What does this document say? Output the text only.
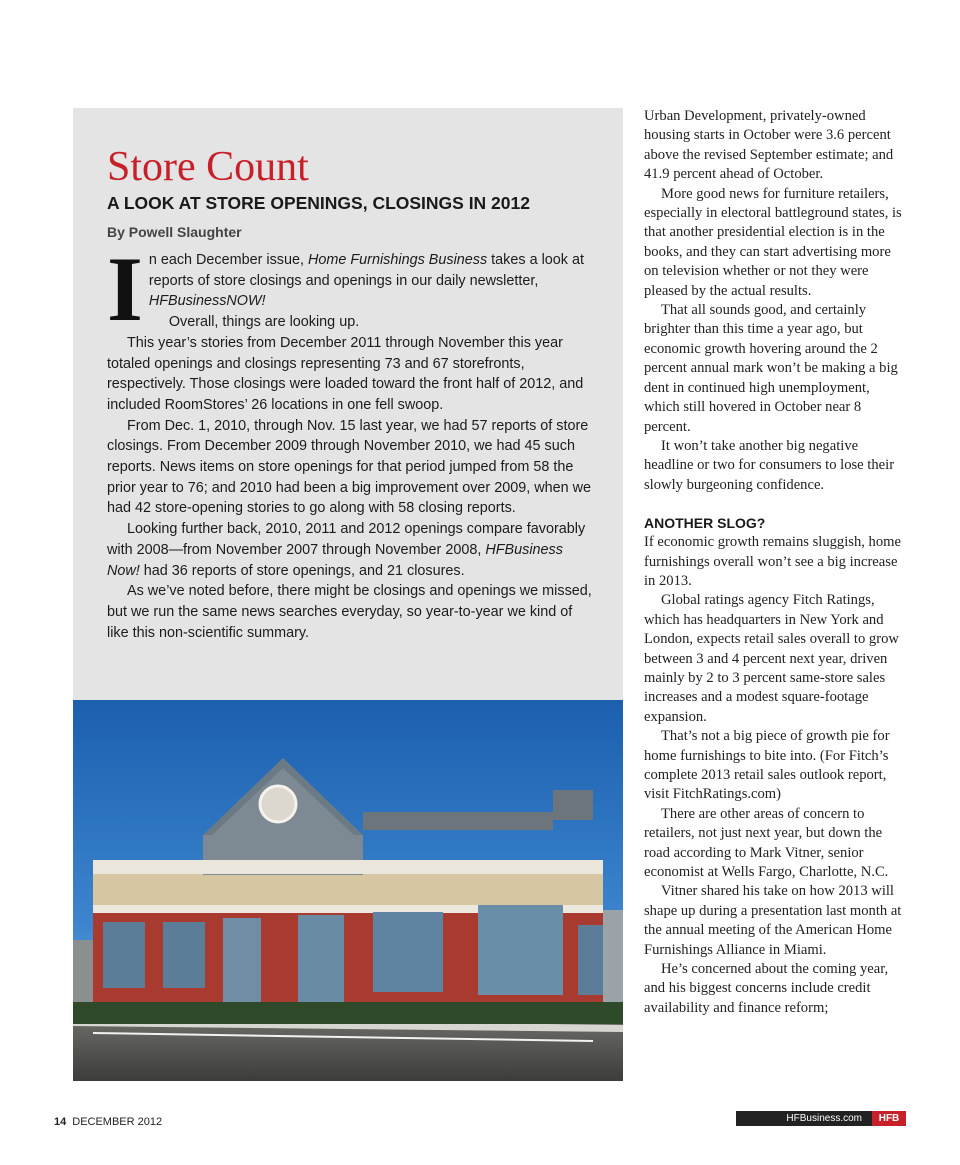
Store Count
A LOOK AT STORE OPENINGS, CLOSINGS IN 2012
By Powell Slaughter

In each December issue, Home Furnishings Business takes a look at reports of store closings and openings in our daily newsletter, HFBusinessNOW!

Overall, things are looking up.

This year’s stories from December 2011 through November this year totaled openings and closings representing 73 and 67 storefronts, respectively. Those closings were loaded toward the front half of 2012, and included RoomStores’ 26 locations in one fell swoop.

From Dec. 1, 2010, through Nov. 15 last year, we had 57 reports of store closings. From December 2009 through November 2010, we had 45 such reports. News items on store openings for that period jumped from 58 the prior year to 76; and 2010 had been a big improvement over 2009, when we had 42 store-opening stories to go along with 58 closing reports.

Looking further back, 2010, 2011 and 2012 openings compare favorably with 2008—from November 2007 through November 2008, HFBusiness Now! had 36 reports of store openings, and 21 closures.

As we’ve noted before, there might be closings and openings we missed, but we run the same news searches everyday, so year-to-year we kind of like this non-scientific summary.

Urban Development, privately-owned housing starts in October were 3.6 percent above the revised September estimate; and 41.9 percent ahead of October.

More good news for furniture retailers, especially in electoral battleground states, is that another presidential election is in the books, and they can start advertising more on television whether or not they were pleased by the actual results.

That all sounds good, and certainly brighter than this time a year ago, but economic growth hovering around the 2 percent annual mark won’t be making a big dent in continued high unemployment, which still hovered in October near 8 percent.

It won’t take another big negative headline or two for consumers to lose their slowly burgeoning confidence.

ANOTHER SLOG?

If economic growth remains sluggish, home furnishings overall won’t see a big increase in 2013.

Global ratings agency Fitch Ratings, which has headquarters in New York and London, expects retail sales overall to grow between 3 and 4 percent next year, driven mainly by 2 to 3 percent same-store sales increases and a modest square-footage expansion.

That’s not a big piece of growth pie for home furnishings to bite into. (For Fitch’s complete 2013 retail sales outlook report, visit FitchRatings.com)

There are other areas of concern to retailers, not just next year, but down the road according to Mark Vitner, senior economist at Wells Fargo, Charlotte, N.C.

Vitner shared his take on how 2013 will shape up during a presentation last month at the annual meeting of the American Home Furnishings Alliance in Miami.

He’s concerned about the coming year, and his biggest concerns include credit availability and finance reform;

14 DECEMBER 2012	HFBusiness.com	HFB
